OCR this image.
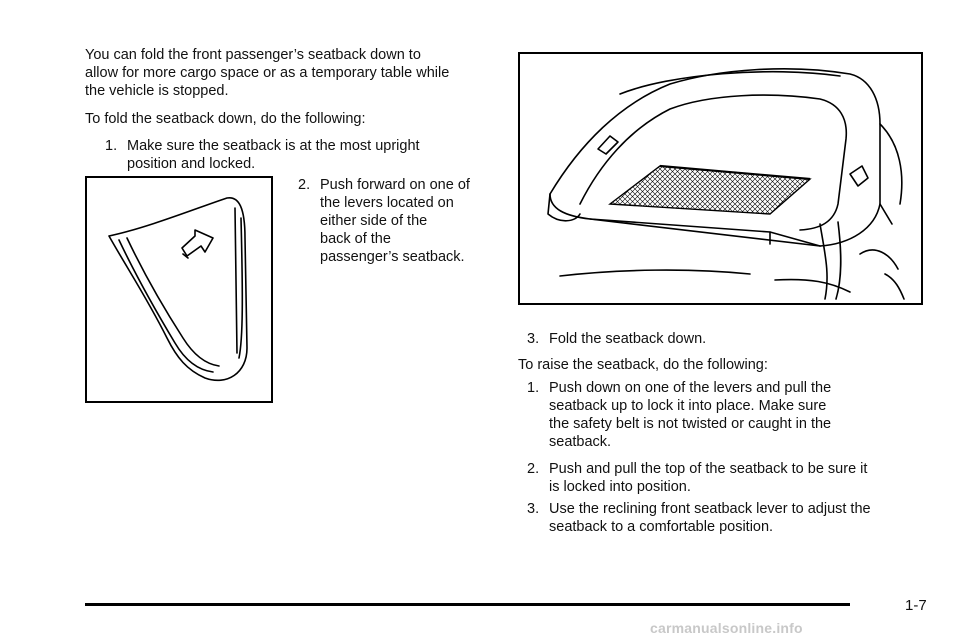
You can fold the front passenger’s seatback down to
allow for more cargo space or as a temporary table while
the vehicle is stopped.
To fold the seatback down, do the following:
1. Make sure the seatback is at the most upright
position and locked.
2. Push forward on one of
the levers located on
either side of the
back of the
passenger’s seatback.
3. Fold the seatback down.
To raise the seatback, do the following:
1. Push down on one of the levers and pull the
seatback up to lock it into place. Make sure
the safety belt is not twisted or caught in the
seatback.
2. Push and pull the top of the seatback to be sure it
is locked into position.
3. Use the reclining front seatback lever to adjust the
seatback to a comfortable position.
1-7
carmanualsonline.info
